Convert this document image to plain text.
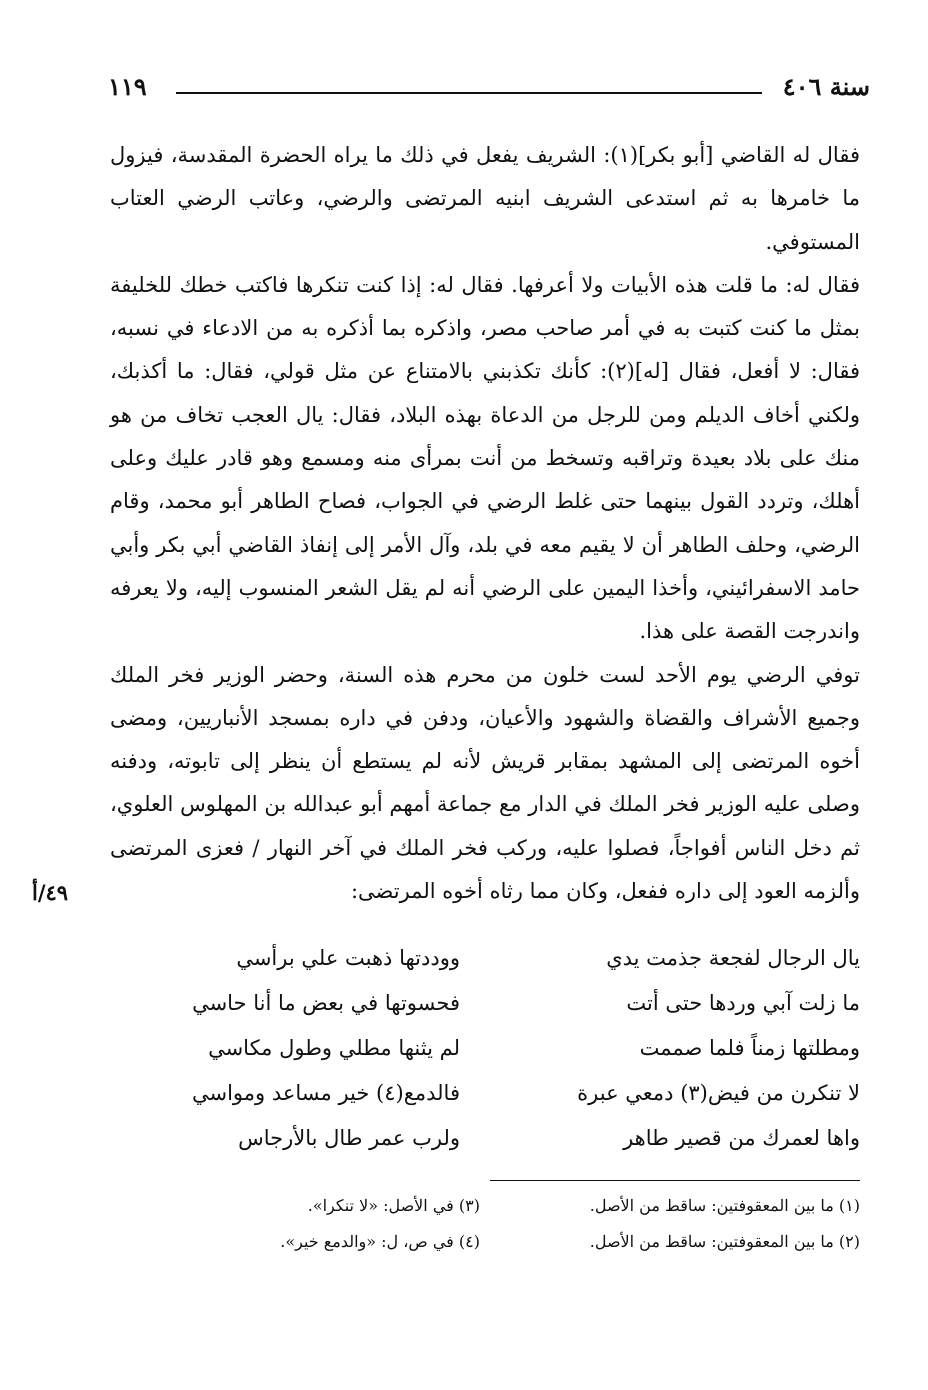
سنة ٤٠٦
١١٩

فقال له القاضي [أبو بكر](١): الشريف يفعل في ذلك ما يراه الحضرة المقدسة، فيزول ما خامرها به ثم استدعى الشريف ابنيه المرتضى والرضي، وعاتب الرضي العتاب المستوفي.

فقال له: ما قلت هذه الأبيات ولا أعرفها. فقال له: إذا كنت تنكرها فاكتب خطك للخليفة بمثل ما كنت كتبت به في أمر صاحب مصر، واذكره بما أذكره به من الادعاء في نسبه، فقال: لا أفعل، فقال [له](٢): كأنك تكذبني بالامتناع عن مثل قولي، فقال: ما أكذبك، ولكني أخاف الديلم ومن للرجل من الدعاة بهذه البلاد، فقال: يال العجب تخاف من هو منك على بلاد بعيدة وتراقبه وتسخط من أنت بمرأى منه ومسمع وهو قادر عليك وعلى أهلك، وتردد القول بينهما حتى غلط الرضي في الجواب، فصاح الطاهر أبو محمد، وقام الرضي، وحلف الطاهر أن لا يقيم معه في بلد، وآل الأمر إلى إنفاذ القاضي أبي بكر وأبي حامد الاسفرائيني، وأخذا اليمين على الرضي أنه لم يقل الشعر المنسوب إليه، ولا يعرفه واندرجت القصة على هذا.

توفي الرضي يوم الأحد لست خلون من محرم هذه السنة، وحضر الوزير فخر الملك وجميع الأشراف والقضاة والشهود والأعيان، ودفن في داره بمسجد الأنباريين، ومضى أخوه المرتضى إلى المشهد بمقابر قريش لأنه لم يستطع أن ينظر إلى تابوته، ودفنه وصلى عليه الوزير فخر الملك في الدار مع جماعة أمهم أبو عبدالله بن المهلوس العلوي، ثم دخل الناس أفواجاً، فصلوا عليه، وركب فخر الملك في آخر النهار / فعزى المرتضى وألزمه العود إلى داره ففعل، وكان مما رثاه أخوه المرتضى:

٤٩/أ
يال الرجال لفجعة جذمت يدي
ووددتها ذهبت علي برأسي
ما زلت آبي وردها حتى أتت
فحسوتها في بعض ما أنا حاسي
ومطلتها زمناً فلما صممت
لم يثنها مطلي وطول مكاسي
لا تنكرن من فيض(٣) دمعي عبرة
فالدمع(٤) خير مساعد ومواسي
واها لعمرك من قصير طاهر
ولرب عمر طال بالأرجاس
(١) ما بين المعقوفتين: ساقط من الأصل.
(٣) في الأصل: «لا تنكرا».
(٢) ما بين المعقوفتين: ساقط من الأصل.
(٤) في ص، ل: «والدمع خير».
